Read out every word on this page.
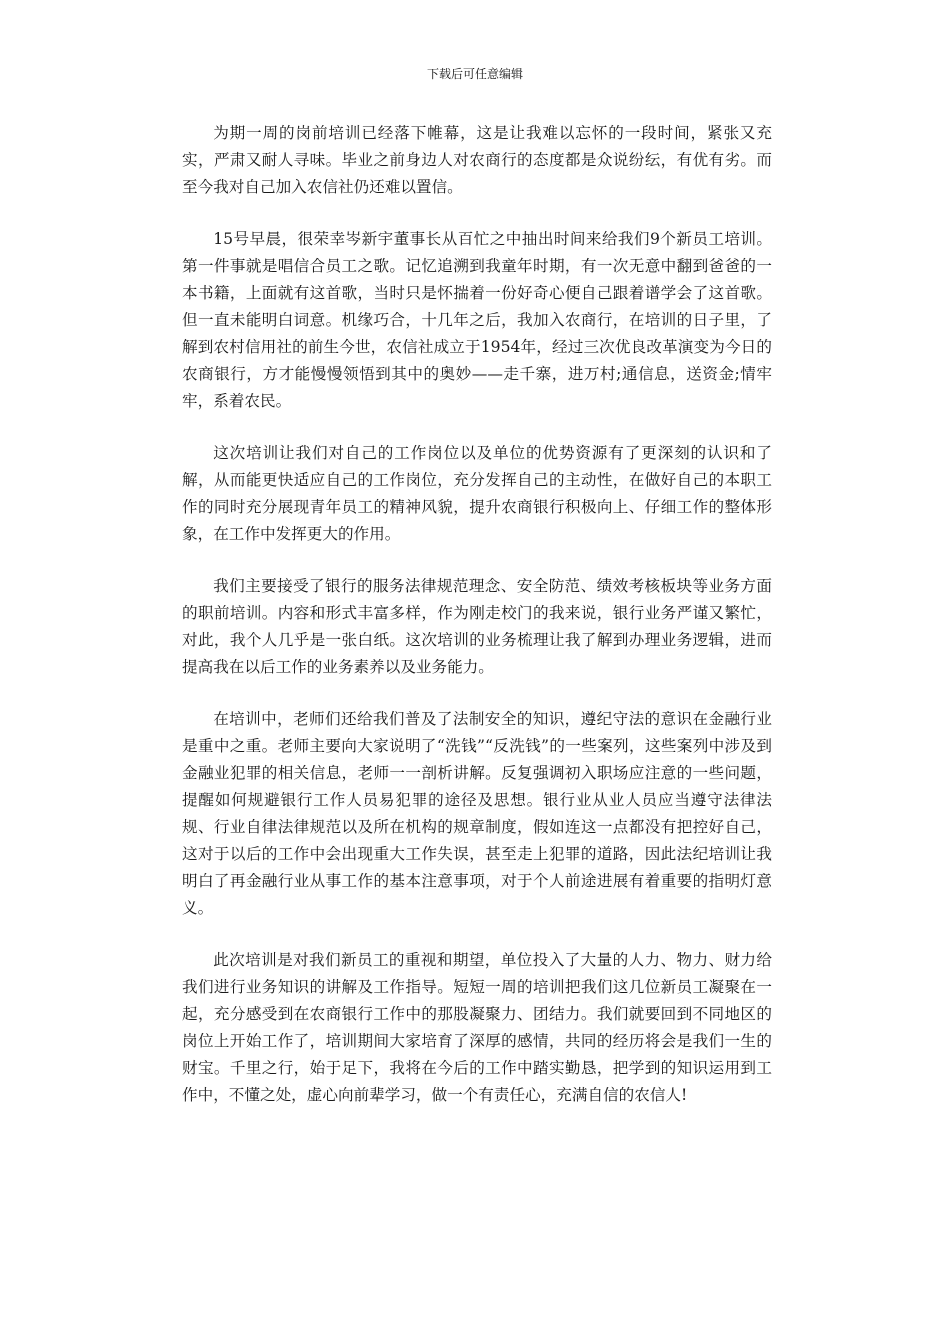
下载后可任意编辑

为期一周的岗前培训已经落下帷幕，这是让我难以忘怀的一段时间，紧张又充实，严肃又耐人寻味。毕业之前身边人对农商行的态度都是众说纷纭，有优有劣。而至今我对自己加入农信社仍还难以置信。

15号早晨，很荣幸岑新宇董事长从百忙之中抽出时间来给我们9个新员工培训。第一件事就是唱信合员工之歌。记忆追溯到我童年时期，有一次无意中翻到爸爸的一本书籍，上面就有这首歌，当时只是怀揣着一份好奇心便自己跟着谱学会了这首歌。但一直未能明白词意。机缘巧合，十几年之后，我加入农商行，在培训的日子里，了解到农村信用社的前生今世，农信社成立于1954年，经过三次优良改革演变为今日的农商银行，方才能慢慢领悟到其中的奥妙——走千寨，进万村;通信息，送资金;情牢牢，系着农民。

这次培训让我们对自己的工作岗位以及单位的优势资源有了更深刻的认识和了解，从而能更快适应自己的工作岗位，充分发挥自己的主动性，在做好自己的本职工作的同时充分展现青年员工的精神风貌，提升农商银行积极向上、仔细工作的整体形象，在工作中发挥更大的作用。

我们主要接受了银行的服务法律规范理念、安全防范、绩效考核板块等业务方面的职前培训。内容和形式丰富多样，作为刚走校门的我来说，银行业务严谨又繁忙，对此，我个人几乎是一张白纸。这次培训的业务梳理让我了解到办理业务逻辑，进而提高我在以后工作的业务素养以及业务能力。

在培训中，老师们还给我们普及了法制安全的知识，遵纪守法的意识在金融行业是重中之重。老师主要向大家说明了“洗钱”“反洗钱”的一些案列，这些案列中涉及到金融业犯罪的相关信息，老师一一剖析讲解。反复强调初入职场应注意的一些问题，提醒如何规避银行工作人员易犯罪的途径及思想。银行业从业人员应当遵守法律法规、行业自律法律规范以及所在机构的规章制度，假如连这一点都没有把控好自己，这对于以后的工作中会出现重大工作失误，甚至走上犯罪的道路，因此法纪培训让我明白了再金融行业从事工作的基本注意事项，对于个人前途进展有着重要的指明灯意义。

此次培训是对我们新员工的重视和期望，单位投入了大量的人力、物力、财力给我们进行业务知识的讲解及工作指导。短短一周的培训把我们这几位新员工凝聚在一起，充分感受到在农商银行工作中的那股凝聚力、团结力。我们就要回到不同地区的岗位上开始工作了，培训期间大家培育了深厚的感情，共同的经历将会是我们一生的财宝。千里之行，始于足下，我将在今后的工作中踏实勤恳，把学到的知识运用到工作中，不懂之处，虚心向前辈学习，做一个有责任心，充满自信的农信人!
